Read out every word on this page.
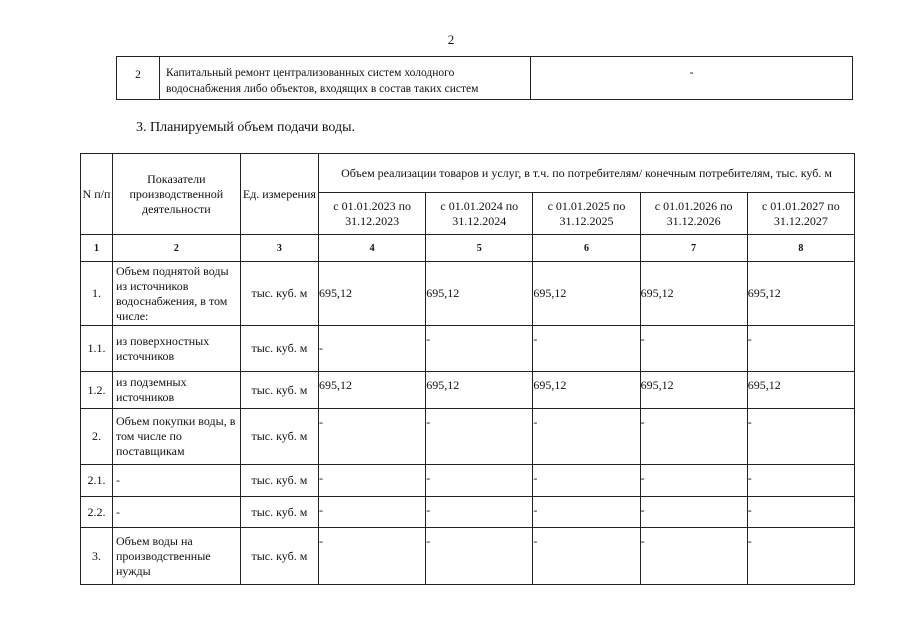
2
2	Капитальный ремонт централизованных систем холодного водоснабжения либо объектов, входящих в состав таких систем	-
3. Планируемый объем подачи воды.
N п/п	Показатели производственной деятельности	Ед. измерения	Объем реализации товаров и услуг, в т.ч. по потребителям/ конечным потребителям, тыс. куб. м				
			с 01.01.2023 по 31.12.2023	с 01.01.2024 по 31.12.2024	с 01.01.2025 по 31.12.2025	с 01.01.2026 по 31.12.2026	с 01.01.2027 по 31.12.2027
1	2	3	4	5	6	7	8
1.	Объем поднятой воды из источников водоснабжения, в том числе:	тыс. куб. м	695,12	695,12	695,12	695,12	695,12
1.1.	из поверхностных источников	тыс. куб. м	-	-	-	-	-
1.2.	из подземных источников	тыс. куб. м	695,12	695,12	695,12	695,12	695,12
2.	Объем покупки воды, в том числе по поставщикам	тыс. куб. м	-	-	-	-	-
2.1.	-	тыс. куб. м	-	-	-	-	-
2.2.	-	тыс. куб. м	-	-	-	-	-
3.	Объем воды на производственные нужды	тыс. куб. м	-	-	-	-	-
